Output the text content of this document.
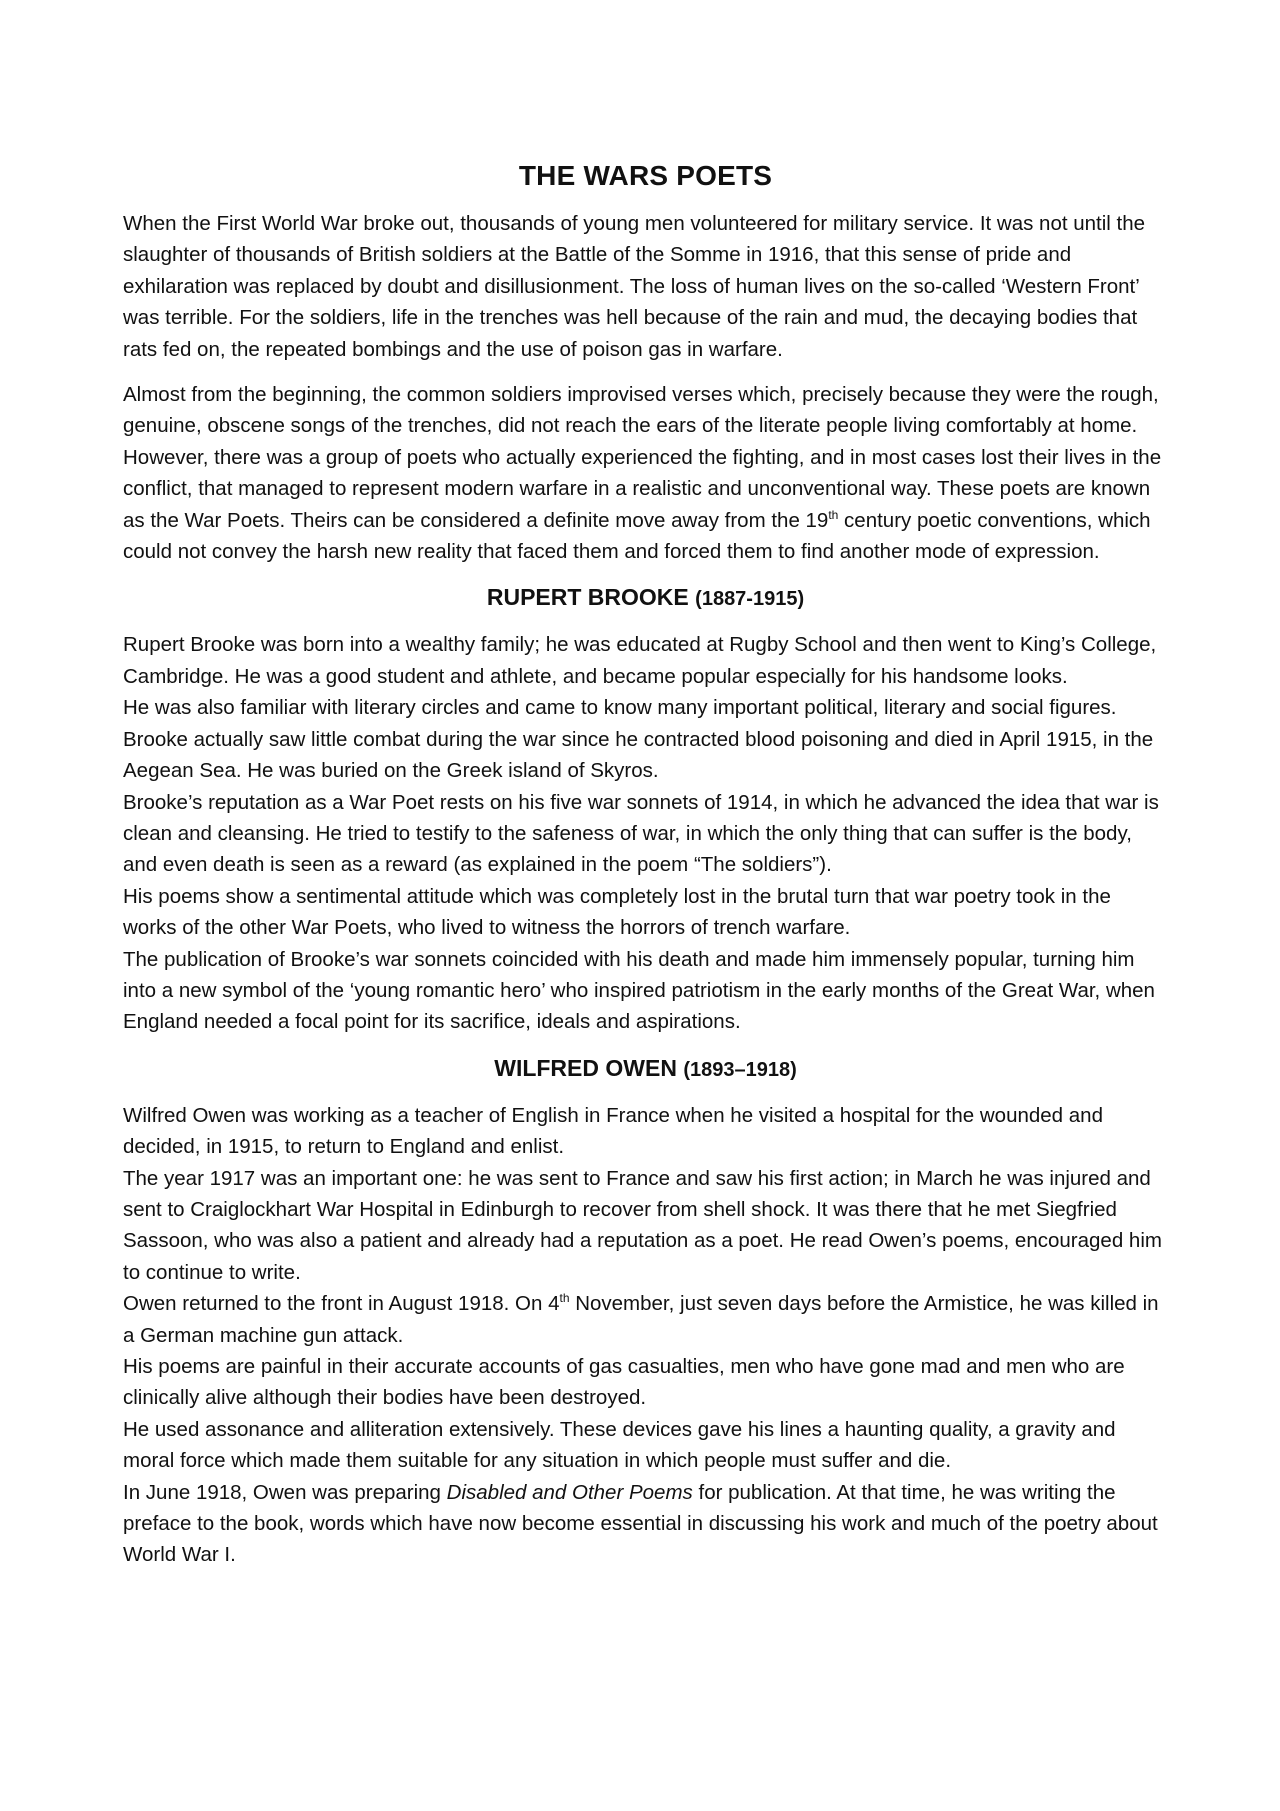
THE WARS POETS

When the First World War broke out, thousands of young men volunteered for military service. It was not until the slaughter of thousands of British soldiers at the Battle of the Somme in 1916, that this sense of pride and exhilaration was replaced by doubt and disillusionment. The loss of human lives on the so-called ‘Western Front’ was terrible. For the soldiers, life in the trenches was hell because of the rain and mud, the decaying bodies that rats fed on, the repeated bombings and the use of poison gas in warfare.

Almost from the beginning, the common soldiers improvised verses which, precisely because they were the rough, genuine, obscene songs of the trenches, did not reach the ears of the literate people living comfortably at home. However, there was a group of poets who actually experienced the fighting, and in most cases lost their lives in the conflict, that managed to represent modern warfare in a realistic and unconventional way. These poets are known as the War Poets. Theirs can be considered a definite move away from the 19th century poetic conventions, which could not convey the harsh new reality that faced them and forced them to find another mode of expression.

RUPERT BROOKE (1887-1915)

Rupert Brooke was born into a wealthy family; he was educated at Rugby School and then went to King’s College, Cambridge. He was a good student and athlete, and became popular especially for his handsome looks.

He was also familiar with literary circles and came to know many important political, literary and social figures.

Brooke actually saw little combat during the war since he contracted blood poisoning and died in April 1915, in the Aegean Sea. He was buried on the Greek island of Skyros.

Brooke’s reputation as a War Poet rests on his five war sonnets of 1914, in which he advanced the idea that war is clean and cleansing. He tried to testify to the safeness of war, in which the only thing that can suffer is the body, and even death is seen as a reward (as explained in the poem “The soldiers”).

His poems show a sentimental attitude which was completely lost in the brutal turn that war poetry took in the works of the other War Poets, who lived to witness the horrors of trench warfare.

The publication of Brooke’s war sonnets coincided with his death and made him immensely popular, turning him into a new symbol of the ‘young romantic hero’ who inspired patriotism in the early months of the Great War, when England needed a focal point for its sacrifice, ideals and aspirations.

WILFRED OWEN (1893–1918)

Wilfred Owen was working as a teacher of English in France when he visited a hospital for the wounded and decided, in 1915, to return to England and enlist.

The year 1917 was an important one: he was sent to France and saw his first action; in March he was injured and sent to Craiglockhart War Hospital in Edinburgh to recover from shell shock. It was there that he met Siegfried Sassoon, who was also a patient and already had a reputation as a poet. He read Owen’s poems, encouraged him to continue to write.

Owen returned to the front in August 1918. On 4th November, just seven days before the Armistice, he was killed in a German machine gun attack.

His poems are painful in their accurate accounts of gas casualties, men who have gone mad and men who are clinically alive although their bodies have been destroyed.

He used assonance and alliteration extensively. These devices gave his lines a haunting quality, a gravity and moral force which made them suitable for any situation in which people must suffer and die.

In June 1918, Owen was preparing Disabled and Other Poems for publication. At that time, he was writing the preface to the book, words which have now become essential in discussing his work and much of the poetry about World War I.
